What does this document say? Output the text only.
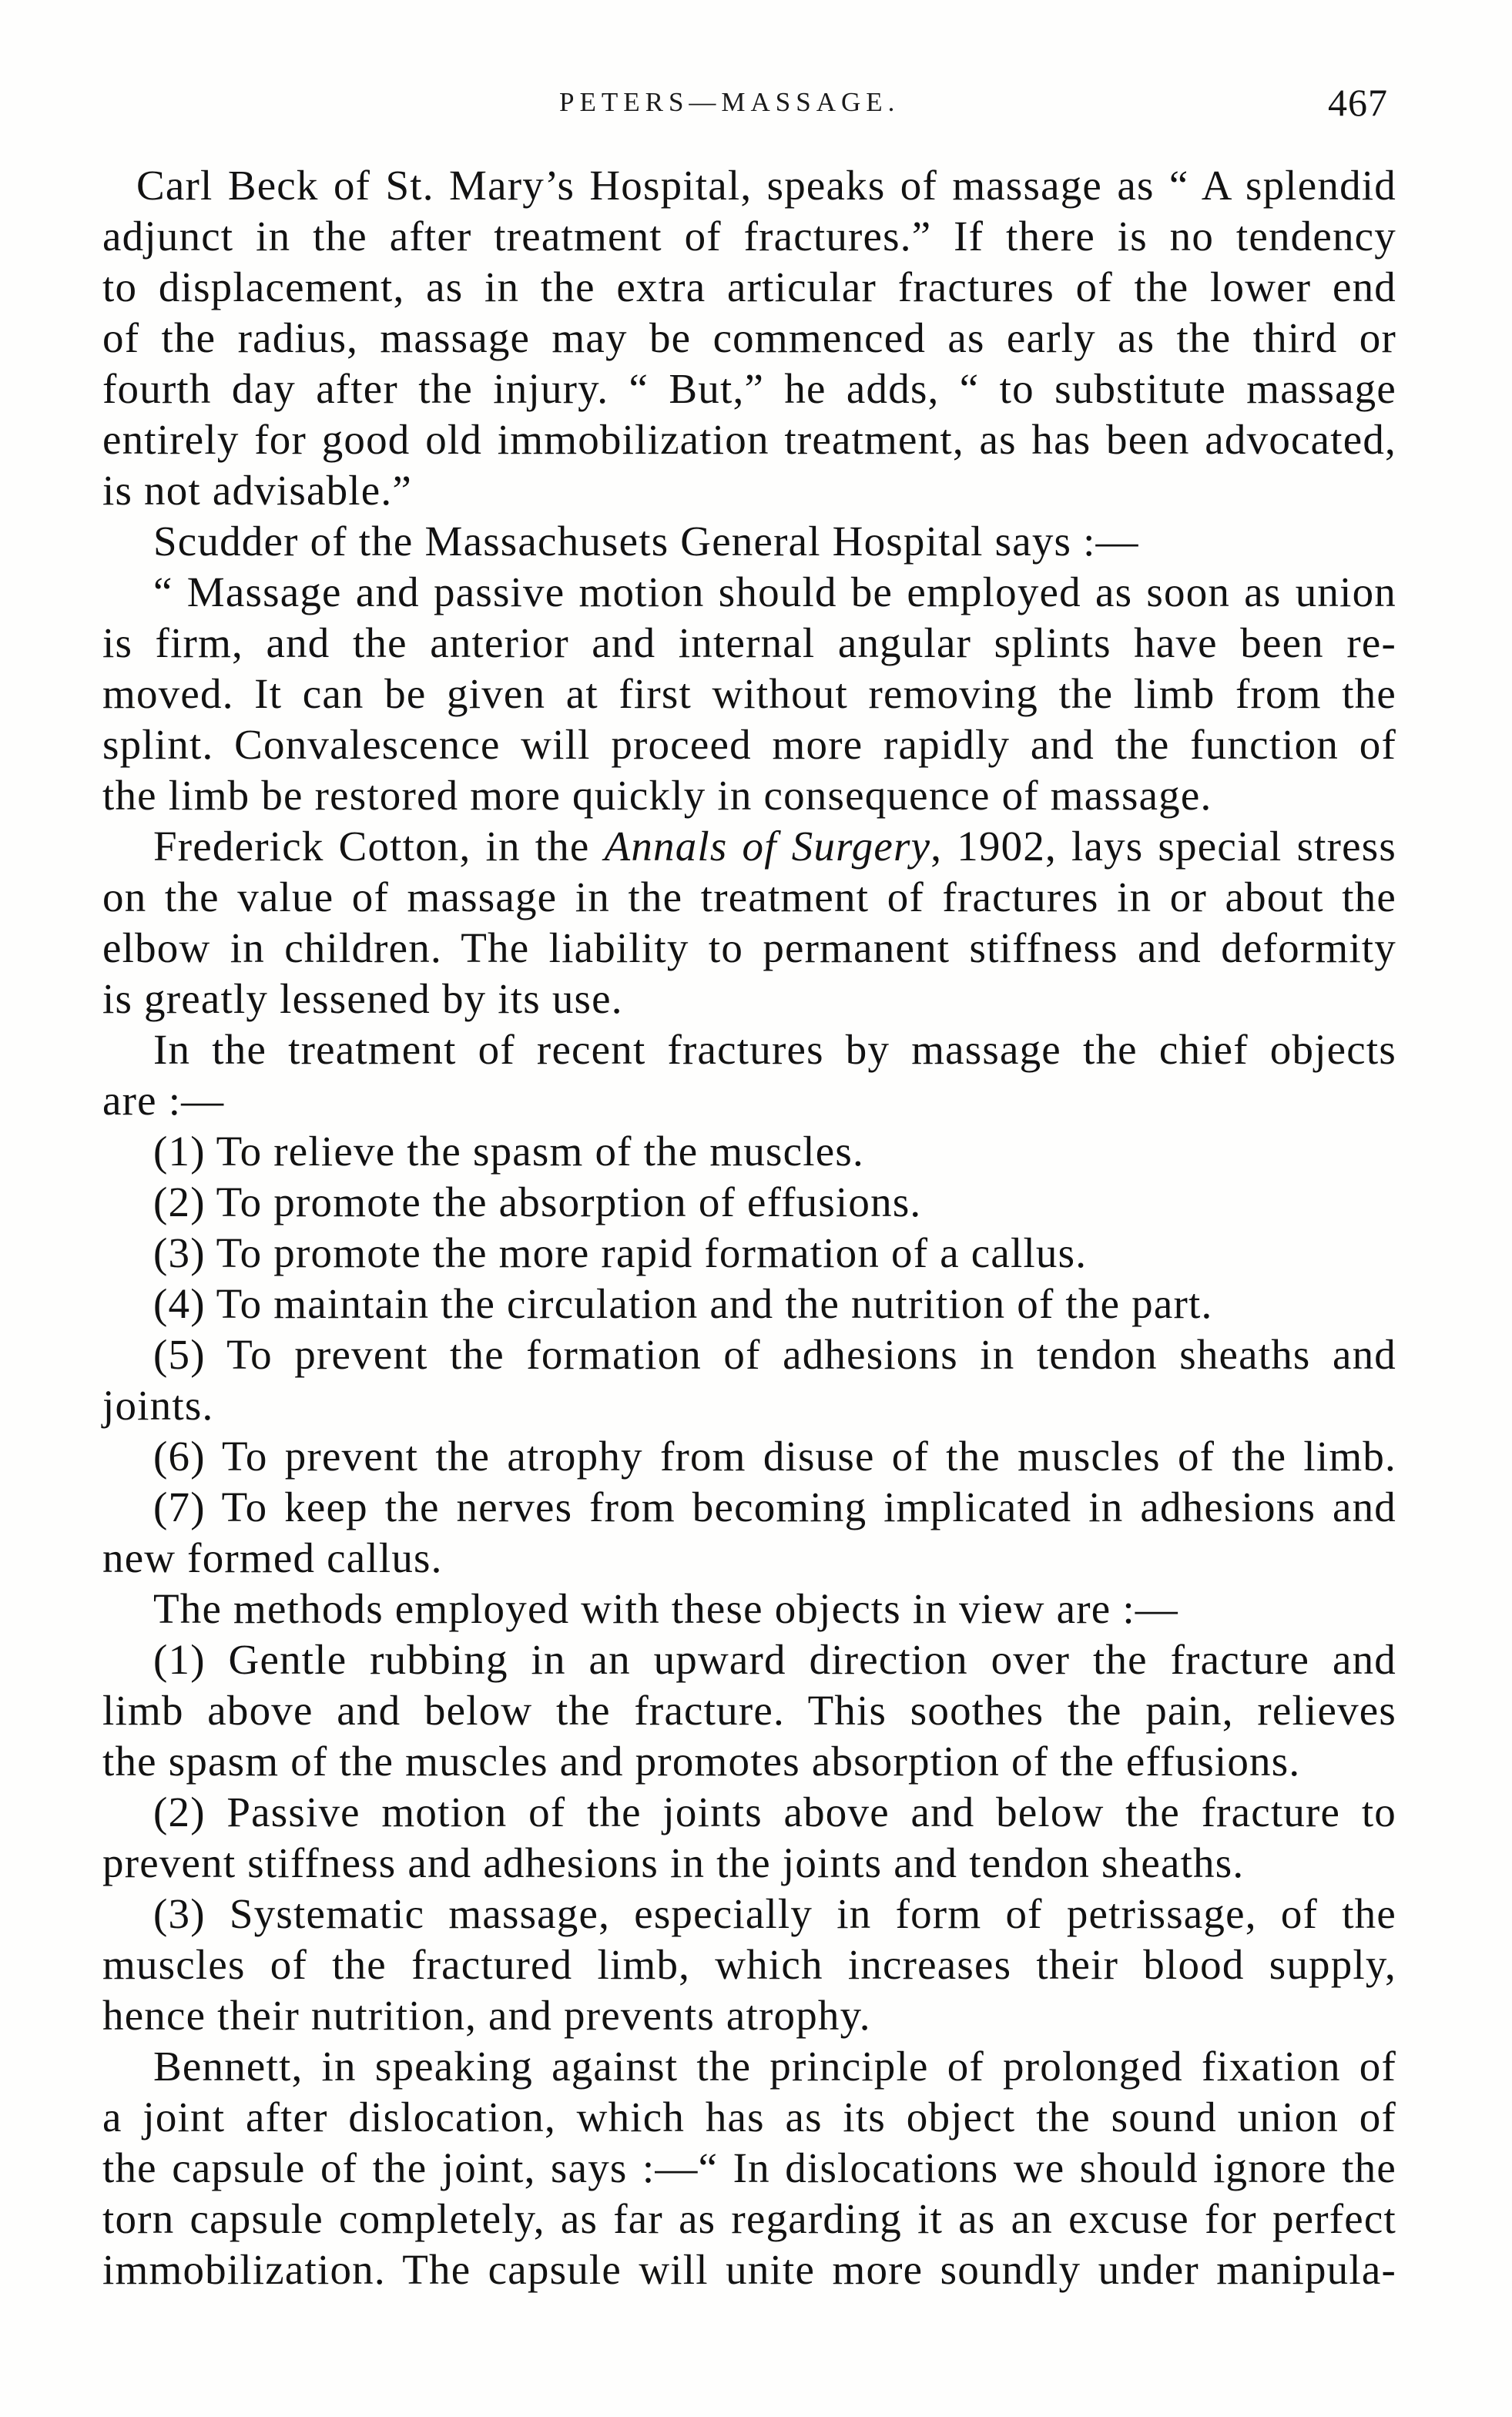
PETERS—MASSAGE.	467
Carl Beck of St. Mary’s Hospital, speaks of massage as “ A splendid
adjunct in the after treatment of fractures.” If there is no tendency
to displacement, as in the extra articular fractures of the lower end
of the radius, massage may be commenced as early as the third or
fourth day after the injury. “ But,” he adds, “ to substitute massage
entirely for good old immobilization treatment, as has been advocated,
is not advisable.”
Scudder of the Massachusets General Hospital says :—
“ Massage and passive motion should be employed as soon as union
is firm, and the anterior and internal angular splints have been re-
moved. It can be given at first without removing the limb from the
splint. Convalescence will proceed more rapidly and the function of
the limb be restored more quickly in consequence of massage.
Frederick Cotton, in the Annals of Surgery, 1902, lays special stress
on the value of massage in the treatment of fractures in or about the
elbow in children. The liability to permanent stiffness and deformity
is greatly lessened by its use.
In the treatment of recent fractures by massage the chief objects
are :—
(1) To relieve the spasm of the muscles.
(2) To promote the absorption of effusions.
(3) To promote the more rapid formation of a callus.
(4) To maintain the circulation and the nutrition of the part.
(5) To prevent the formation of adhesions in tendon sheaths and
joints.
(6) To prevent the atrophy from disuse of the muscles of the limb.
(7) To keep the nerves from becoming implicated in adhesions and
new formed callus.
The methods employed with these objects in view are :—
(1) Gentle rubbing in an upward direction over the fracture and
limb above and below the fracture. This soothes the pain, relieves
the spasm of the muscles and promotes absorption of the effusions.
(2) Passive motion of the joints above and below the fracture to
prevent stiffness and adhesions in the joints and tendon sheaths.
(3) Systematic massage, especially in form of petrissage, of the
muscles of the fractured limb, which increases their blood supply,
hence their nutrition, and prevents atrophy.
Bennett, in speaking against the principle of prolonged fixation of
a joint after dislocation, which has as its object the sound union of
the capsule of the joint, says :—“ In dislocations we should ignore the
torn capsule completely, as far as regarding it as an excuse for perfect
immobilization. The capsule will unite more soundly under manipula-
